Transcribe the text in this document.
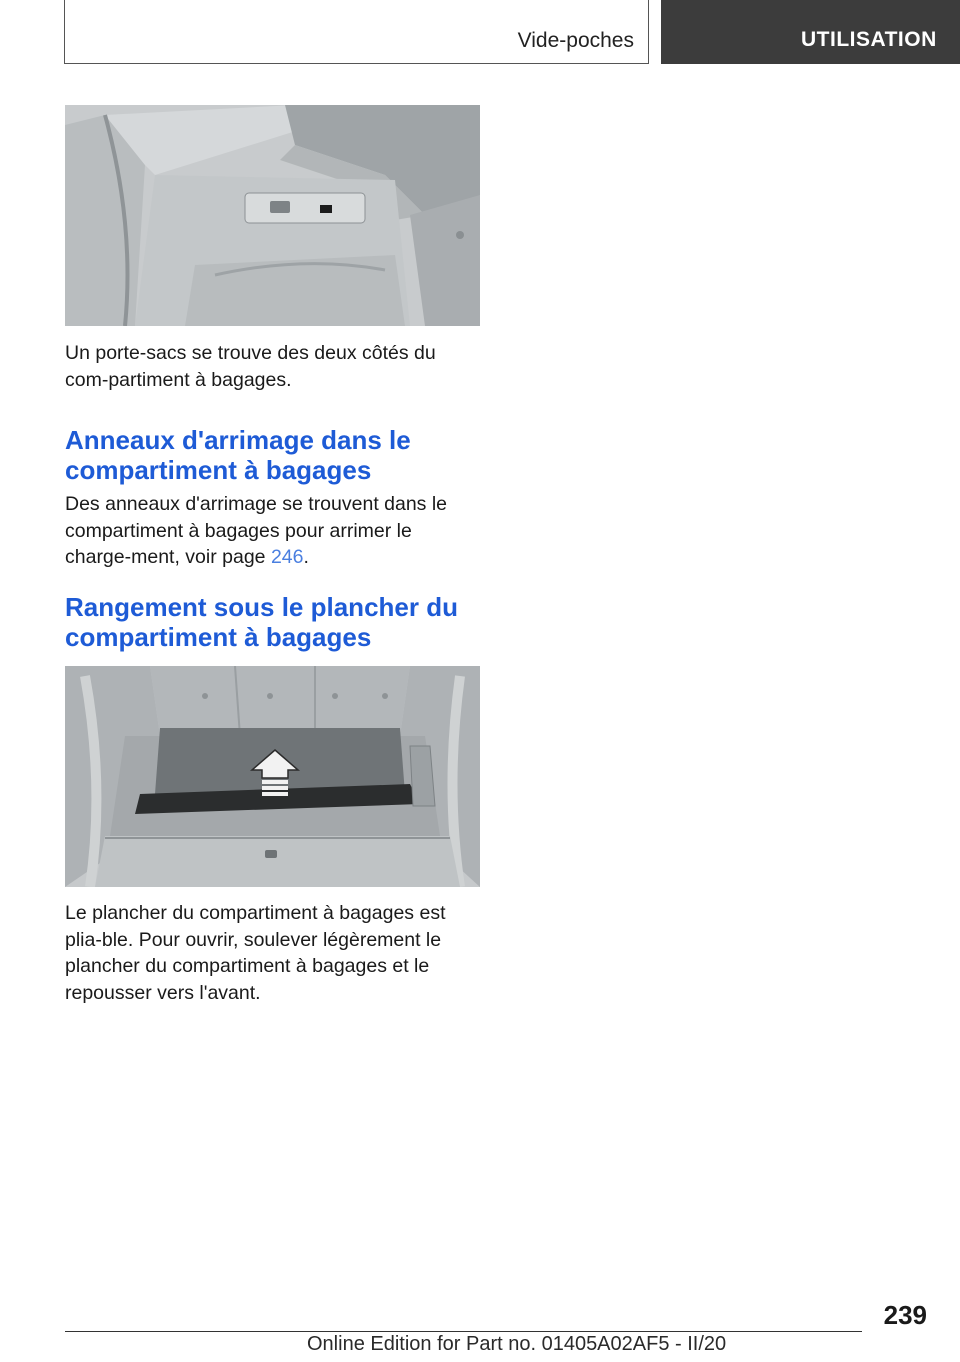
Vide-poches	UTILISATION

Un porte-sacs se trouve des deux côtés du com-partiment à bagages.

Anneaux d'arrimage dans le
compartiment à bagages

Des anneaux d'arrimage se trouvent dans le compartiment à bagages pour arrimer le charge-ment, voir page 246.

Rangement sous le plancher du
compartiment à bagages

Le plancher du compartiment à bagages est plia-ble. Pour ouvrir, soulever légèrement le plancher du compartiment à bagages et le repousser vers l'avant.

239
Online Edition for Part no. 01405A02AF5 - II/20
